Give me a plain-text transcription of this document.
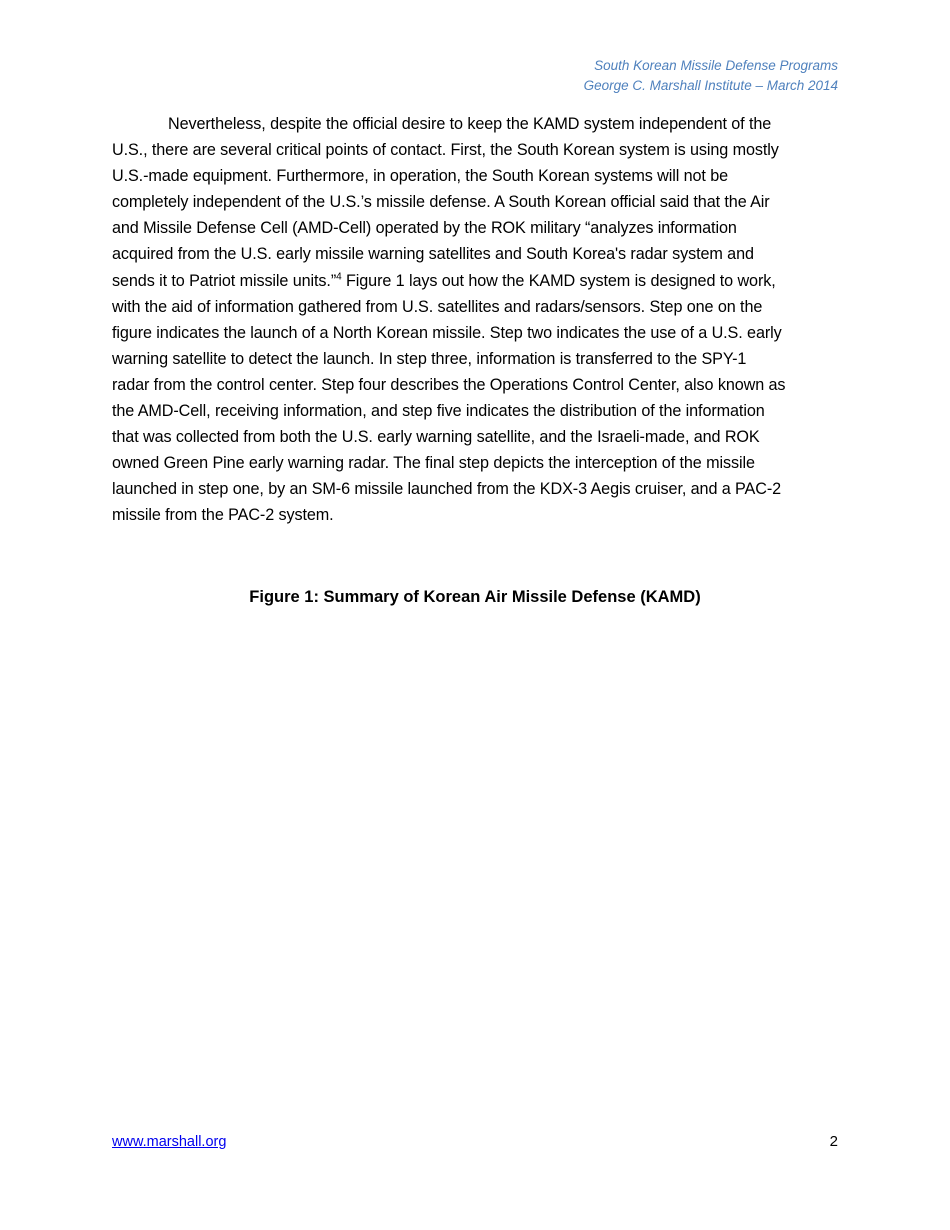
South Korean Missile Defense Programs
George C. Marshall Institute – March 2014
Nevertheless, despite the official desire to keep the KAMD system independent of the
U.S., there are several critical points of contact. First, the South Korean system is using mostly
U.S.-made equipment. Furthermore, in operation, the South Korean systems will not be
completely independent of the U.S.’s missile defense. A South Korean official said that the Air
and Missile Defense Cell (AMD-Cell) operated by the ROK military “analyzes information
acquired from the U.S. early missile warning satellites and South Korea's radar system and
sends it to Patriot missile units.”$^4$ Figure 1 lays out how the KAMD system is designed to work,
with the aid of information gathered from U.S. satellites and radars/sensors. Step one on the
figure indicates the launch of a North Korean missile. Step two indicates the use of a U.S. early
warning satellite to detect the launch. In step three, information is transferred to the SPY-1
radar from the control center. Step four describes the Operations Control Center, also known as
the AMD-Cell, receiving information, and step five indicates the distribution of the information
that was collected from both the U.S. early warning satellite, and the Israeli-made, and ROK
owned Green Pine early warning radar. The final step depicts the interception of the missile
launched in step one, by an SM-6 missile launched from the KDX-3 Aegis cruiser, and a PAC-2
missile from the PAC-2 system.
Figure 1: Summary of Korean Air Missile Defense (KAMD)
www.marshall.org	2
